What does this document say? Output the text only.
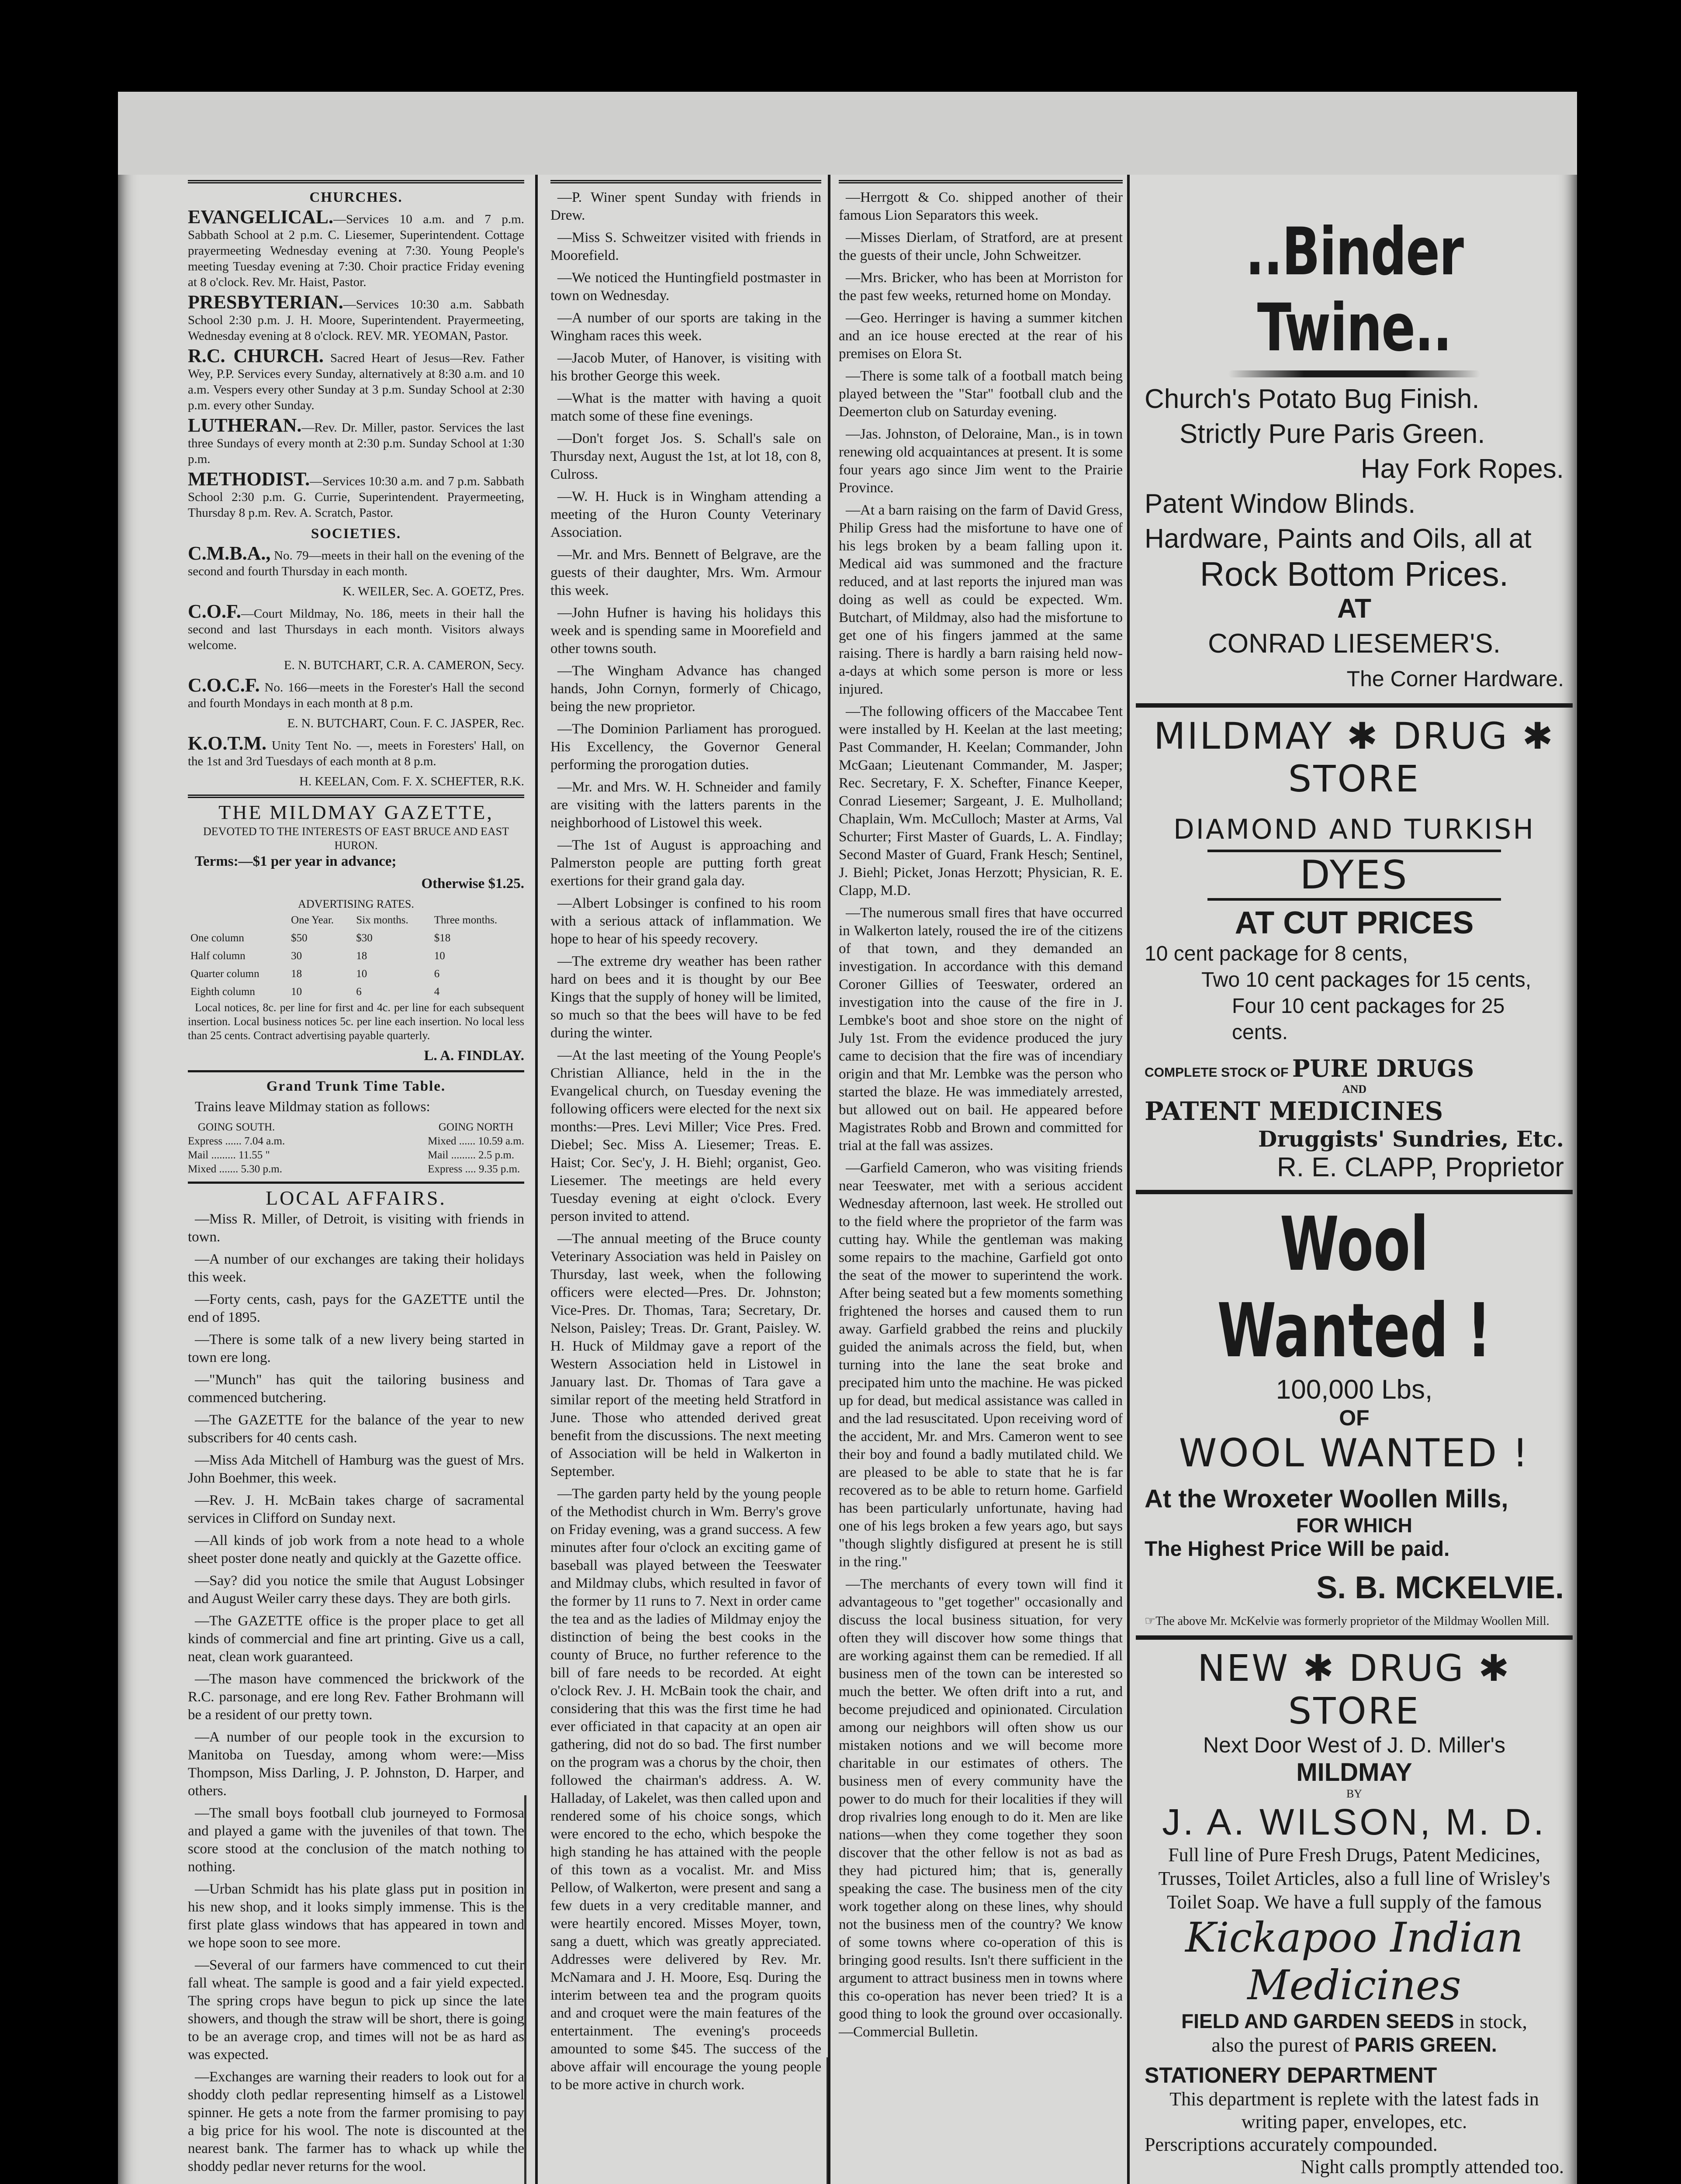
CHURCHES.

EVANGELICAL.—Services 10 a.m. and 7 p.m. Sabbath School at 2 p.m. C. Liesemer, Superintendent. Cottage prayermeeting Wednesday evening at 7:30. Young People's meeting Tuesday evening at 7:30. Choir practice Friday evening at 8 o'clock. Rev. Mr. Haist, Pastor.

PRESBYTERIAN.—Services 10:30 a.m. Sabbath School 2:30 p.m. J. H. Moore, Superintendent. Prayermeeting, Wednesday evening at 8 o'clock. REV. MR. YEOMAN, Pastor.

R.C. CHURCH. Sacred Heart of Jesus—Rev. Father Wey, P.P. Services every Sunday, alternatively at 8:30 a.m. and 10 a.m. Vespers every other Sunday at 3 p.m. Sunday School at 2:30 p.m. every other Sunday.

LUTHERAN.—Rev. Dr. Miller, pastor. Services the last three Sundays of every month at 2:30 p.m. Sunday School at 1:30 p.m.

METHODIST.—Services 10:30 a.m. and 7 p.m. Sabbath School 2:30 p.m. G. Currie, Superintendent. Prayermeeting, Thursday 8 p.m. Rev. A. Scratch, Pastor.

SOCIETIES.

C.M.B.A., No. 79—meets in their hall on the evening of the second and fourth Thursday in each month.

K. WEILER, Sec. A. GOETZ, Pres.

C.O.F.—Court Mildmay, No. 186, meets in their hall the second and last Thursdays in each month. Visitors always welcome.

E. N. BUTCHART, C.R. A. CAMERON, Secy.

C.O.C.F. No. 166—meets in the Forester's Hall the second and fourth Mondays in each month at 8 p.m.

E. N. BUTCHART, Coun. F. C. JASPER, Rec.

K.O.T.M. Unity Tent No. —, meets in Foresters' Hall, on the 1st and 3rd Tuesdays of each month at 8 p.m.

H. KEELAN, Com. F. X. SCHEFTER, R.K.

THE MILDMAY GAZETTE,
DEVOTED TO THE INTERESTS OF EAST BRUCE AND EAST HURON.

Terms:—$1 per year in advance;

Otherwise $1.25.

ADVERTISING RATES.
	One Year.	Six months.	Three months.
One column	$50	$30	$18
Half column	30	18	10
Quarter column	18	10	6
Eighth column	10	6	4

Local notices, 8c. per line for first and 4c. per line for each subsequent insertion. Local business notices 5c. per line each insertion. No local less than 25 cents. Contract advertising payable quarterly.

L. A. FINDLAY.

Grand Trunk Time Table.

Trains leave Mildmay station as follows:

GOING SOUTH.
Express ...... 7.04 a.m.
Mail ......... 11.55 "
Mixed ....... 5.30 p.m.
GOING NORTH
Mixed ...... 10.59 a.m.
Mail ......... 2.5 p.m.
Express .... 9.35 p.m.
LOCAL AFFAIRS.

—Miss R. Miller, of Detroit, is visiting with friends in town.

—A number of our exchanges are taking their holidays this week.

—Forty cents, cash, pays for the GAZETTE until the end of 1895.

—There is some talk of a new livery being started in town ere long.

—"Munch" has quit the tailoring business and commenced butchering.

—The GAZETTE for the balance of the year to new subscribers for 40 cents cash.

—Miss Ada Mitchell of Hamburg was the guest of Mrs. John Boehmer, this week.

—Rev. J. H. McBain takes charge of sacramental services in Clifford on Sunday next.

—All kinds of job work from a note head to a whole sheet poster done neatly and quickly at the Gazette office.

—Say? did you notice the smile that August Lobsinger and August Weiler carry these days. They are both girls.

—The GAZETTE office is the proper place to get all kinds of commercial and fine art printing. Give us a call, neat, clean work guaranteed.

—The mason have commenced the brickwork of the R.C. parsonage, and ere long Rev. Father Brohmann will be a resident of our pretty town.

—A number of our people took in the excursion to Manitoba on Tuesday, among whom were:—Miss Thompson, Miss Darling, J. P. Johnston, D. Harper, and others.

—The small boys football club journeyed to Formosa and played a game with the juveniles of that town. The score stood at the conclusion of the match nothing to nothing.

—Urban Schmidt has his plate glass put in position in his new shop, and it looks simply immense. This is the first plate glass windows that has appeared in town and we hope soon to see more.

—Several of our farmers have commenced to cut their fall wheat. The sample is good and a fair yield expected. The spring crops have begun to pick up since the late showers, and though the straw will be short, there is going to be an average crop, and times will not be as hard as was expected.

—Exchanges are warning their readers to look out for a shoddy cloth pedlar representing himself as a Listowel spinner. He gets a note from the farmer promising to pay a big price for his wool. The note is discounted at the nearest bank. The farmer has to whack up while the shoddy pedlar never returns for the wool.

—P. Winer spent Sunday with friends in Drew.

—Miss S. Schweitzer visited with friends in Moorefield.

—We noticed the Huntingfield postmaster in town on Wednesday.

—A number of our sports are taking in the Wingham races this week.

—Jacob Muter, of Hanover, is visiting with his brother George this week.

—What is the matter with having a quoit match some of these fine evenings.

—Don't forget Jos. S. Schall's sale on Thursday next, August the 1st, at lot 18, con 8, Culross.

—W. H. Huck is in Wingham attending a meeting of the Huron County Veterinary Association.

—Mr. and Mrs. Bennett of Belgrave, are the guests of their daughter, Mrs. Wm. Armour this week.

—John Hufner is having his holidays this week and is spending same in Moorefield and other towns south.

—The Wingham Advance has changed hands, John Cornyn, formerly of Chicago, being the new proprietor.

—The Dominion Parliament has prorogued. His Excellency, the Governor General performing the prorogation duties.

—Mr. and Mrs. W. H. Schneider and family are visiting with the latters parents in the neighborhood of Listowel this week.

—The 1st of August is approaching and Palmerston people are putting forth great exertions for their grand gala day.

—Albert Lobsinger is confined to his room with a serious attack of inflammation. We hope to hear of his speedy recovery.

—The extreme dry weather has been rather hard on bees and it is thought by our Bee Kings that the supply of honey will be limited, so much so that the bees will have to be fed during the winter.

—At the last meeting of the Young People's Christian Alliance, held in the in the Evangelical church, on Tuesday evening the following officers were elected for the next six months:—Pres. Levi Miller; Vice Pres. Fred. Diebel; Sec. Miss A. Liesemer; Treas. E. Haist; Cor. Sec'y, J. H. Biehl; organist, Geo. Liesemer. The meetings are held every Tuesday evening at eight o'clock. Every person invited to attend.

—The annual meeting of the Bruce county Veterinary Association was held in Paisley on Thursday, last week, when the following officers were elected—Pres. Dr. Johnston; Vice-Pres. Dr. Thomas, Tara; Secretary, Dr. Nelson, Paisley; Treas. Dr. Grant, Paisley. W. H. Huck of Mildmay gave a report of the Western Association held in Listowel in January last. Dr. Thomas of Tara gave a similar report of the meeting held Stratford in June. Those who attended derived great benefit from the discussions. The next meeting of Association will be held in Walkerton in September.

—The garden party held by the young people of the Methodist church in Wm. Berry's grove on Friday evening, was a grand success. A few minutes after four o'clock an exciting game of baseball was played between the Teeswater and Mildmay clubs, which resulted in favor of the former by 11 runs to 7. Next in order came the tea and as the ladies of Mildmay enjoy the distinction of being the best cooks in the county of Bruce, no further reference to the bill of fare needs to be recorded. At eight o'clock Rev. J. H. McBain took the chair, and considering that this was the first time he had ever officiated in that capacity at an open air gathering, did not do so bad. The first number on the program was a chorus by the choir, then followed the chairman's address. A. W. Halladay, of Lakelet, was then called upon and rendered some of his choice songs, which were encored to the echo, which bespoke the high standing he has attained with the people of this town as a vocalist. Mr. and Miss Pellow, of Walkerton, were present and sang a few duets in a very creditable manner, and were heartily encored. Misses Moyer, town, sang a duett, which was greatly appreciated. Addresses were delivered by Rev. Mr. McNamara and J. H. Moore, Esq. During the interim between tea and the program quoits and and croquet were the main features of the entertainment. The evening's proceeds amounted to some $45. The success of the above affair will encourage the young people to be more active in church work.

—Herrgott & Co. shipped another of their famous Lion Separators this week.

—Misses Dierlam, of Stratford, are at present the guests of their uncle, John Schweitzer.

—Mrs. Bricker, who has been at Morriston for the past few weeks, returned home on Monday.

—Geo. Herringer is having a summer kitchen and an ice house erected at the rear of his premises on Elora St.

—There is some talk of a football match being played between the "Star" football club and the Deemerton club on Saturday evening.

—Jas. Johnston, of Deloraine, Man., is in town renewing old acquaintances at present. It is some four years ago since Jim went to the Prairie Province.

—At a barn raising on the farm of David Gress, Philip Gress had the misfortune to have one of his legs broken by a beam falling upon it. Medical aid was summoned and the fracture reduced, and at last reports the injured man was doing as well as could be expected. Wm. Butchart, of Mildmay, also had the misfortune to get one of his fingers jammed at the same raising. There is hardly a barn raising held now-a-days at which some person is more or less injured.

—The following officers of the Maccabee Tent were installed by H. Keelan at the last meeting; Past Commander, H. Keelan; Commander, John McGaan; Lieutenant Commander, M. Jasper; Rec. Secretary, F. X. Schefter, Finance Keeper, Conrad Liesemer; Sargeant, J. E. Mulholland; Chaplain, Wm. McCulloch; Master at Arms, Val Schurter; First Master of Guards, L. A. Findlay; Second Master of Guard, Frank Hesch; Sentinel, J. Biehl; Picket, Jonas Herzott; Physician, R. E. Clapp, M.D.

—The numerous small fires that have occurred in Walkerton lately, roused the ire of the citizens of that town, and they demanded an investigation. In accordance with this demand Coroner Gillies of Teeswater, ordered an investigation into the cause of the fire in J. Lembke's boot and shoe store on the night of July 1st. From the evidence produced the jury came to decision that the fire was of incendiary origin and that Mr. Lembke was the person who started the blaze. He was immediately arrested, but allowed out on bail. He appeared before Magistrates Robb and Brown and committed for trial at the fall was assizes.

—Garfield Cameron, who was visiting friends near Teeswater, met with a serious accident Wednesday afternoon, last week. He strolled out to the field where the proprietor of the farm was cutting hay. While the gentleman was making some repairs to the machine, Garfield got onto the seat of the mower to superintend the work. After being seated but a few moments something frightened the horses and caused them to run away. Garfield grabbed the reins and pluckily guided the animals across the field, but, when turning into the lane the seat broke and precipated him unto the machine. He was picked up for dead, but medical assistance was called in and the lad resuscitated. Upon receiving word of the accident, Mr. and Mrs. Cameron went to see their boy and found a badly mutilated child. We are pleased to be able to state that he is far recovered as to be able to return home. Garfield has been particularly unfortunate, having had one of his legs broken a few years ago, but says "though slightly disfigured at present he is still in the ring."

—The merchants of every town will find it advantageous to "get together" occasionally and discuss the local business situation, for very often they will discover how some things that are working against them can be remedied. If all business men of the town can be interested so much the better. We often drift into a rut, and become prejudiced and opinionated. Circulation among our neighbors will often show us our mistaken notions and we will become more charitable in our estimates of others. The business men of every community have the power to do much for their localities if they will drop rivalries long enough to do it. Men are like nations—when they come together they soon discover that the other fellow is not as bad as they had pictured him; that is, generally speaking the case. The business men of the city work together along on these lines, why should not the business men of the country? We know of some towns where co-operation of this is bringing good results. Isn't there sufficient in the argument to attract business men in towns where this co-operation has never been tried? It is a good thing to look the ground over occasionally.—Commercial Bulletin.

..Binder Twine..
Church's Potato Bug Finish.
Strictly Pure Paris Green.
Hay Fork Ropes.
Patent Window Blinds.
Hardware, Paints and Oils, all at
Rock Bottom Prices.
AT
CONRAD LIESEMER'S.
The Corner Hardware.
MILDMAY ✱ DRUG ✱ STORE
DIAMOND AND TURKISH
DYES
AT CUT PRICES
10 cent package for 8 cents,
Two 10 cent packages for 15 cents,
Four 10 cent packages for 25 cents.
COMPLETE STOCK OF PURE DRUGS
AND
PATENT MEDICINES
Druggists' Sundries, Etc.
R. E. CLAPP, Proprietor
Wool Wanted !
100,000 Lbs,
OF
WOOL WANTED !
At the Wroxeter Woollen Mills,
FOR WHICH
The Highest Price Will be paid.
S. B. MCKELVIE.
☞The above Mr. McKelvie was formerly proprietor of the Mildmay Woollen Mill.
NEW ✱ DRUG ✱ STORE
Next Door West of J. D. Miller's
MILDMAY
BY
J. A. WILSON, M. D.
Full line of Pure Fresh Drugs, Patent Medicines, Trusses, Toilet Articles, also a full line of Wrisley's Toilet Soap. We have a full supply of the famous
Kickapoo Indian Medicines
FIELD AND GARDEN SEEDS in stock,
also the purest of PARIS GREEN.
STATIONERY DEPARTMENT
This department is replete with the latest fads in writing paper, envelopes, etc.
Perscriptions accurately compounded.
Night calls promptly attended too.
